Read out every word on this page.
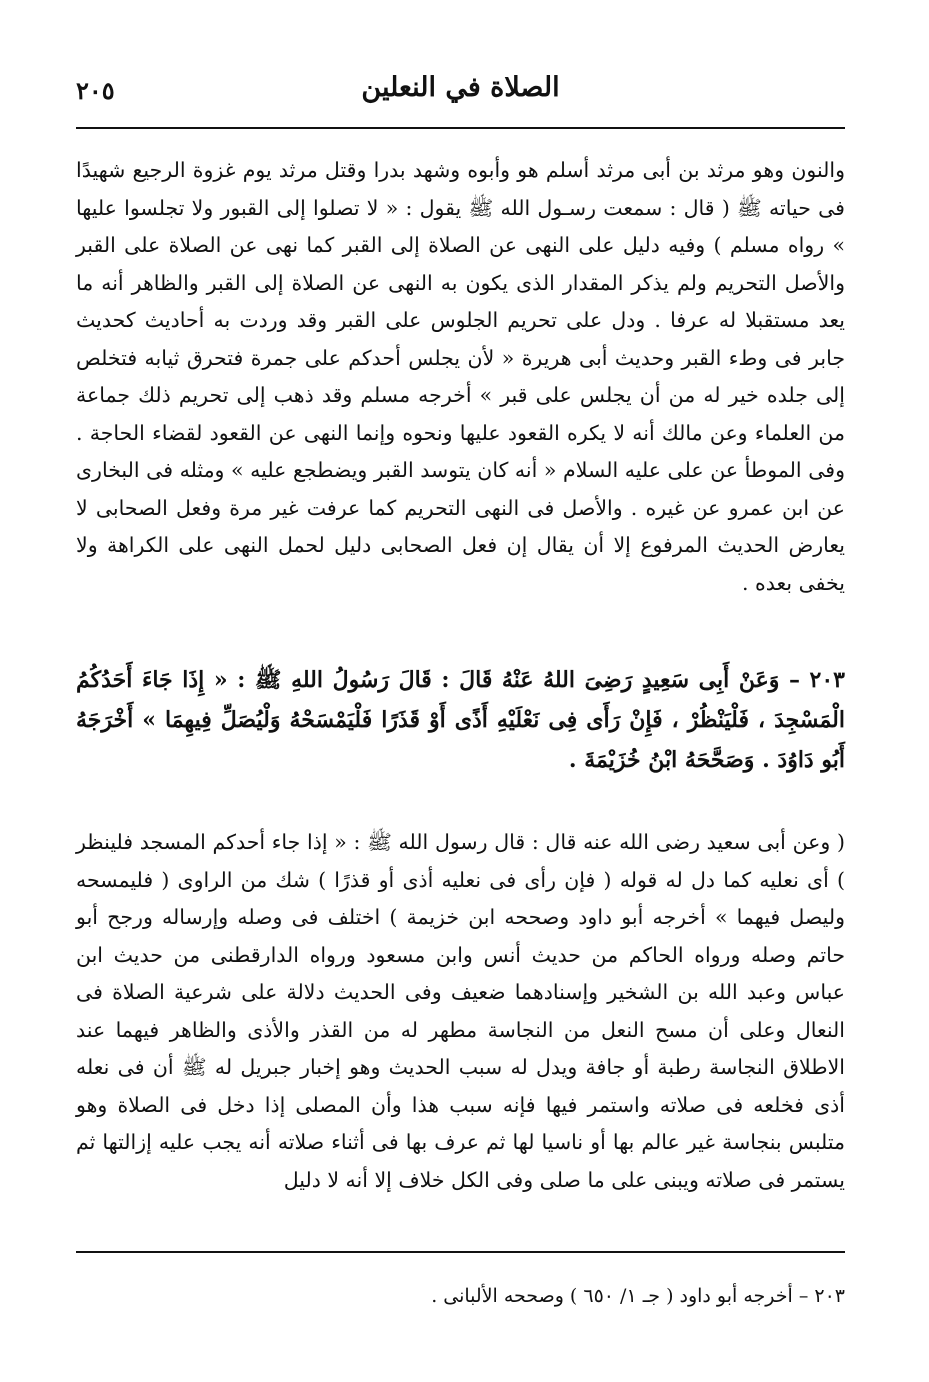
الصلاة في النعلين
٢٠٥

والنون وهو مرثد بن أبى مرثد أسلم هو وأبوه وشهد بدرا وقتل مرثد يوم غزوة الرجيع شهيدًا فى حياته ﷺ ( قال : سمعت رسـول الله ﷺ يقول : « لا تصلوا إلى القبور ولا تجلسوا عليها » رواه مسلم ) وفيه دليل على النهى عن الصلاة إلى القبر كما نهى عن الصلاة على القبر والأصل التحريم ولم يذكر المقدار الذى يكون به النهى عن الصلاة إلى القبر والظاهر أنه ما يعد مستقبلا له عرفا . ودل على تحريم الجلوس على القبر وقد وردت به أحاديث كحديث جابر فى وطء القبر وحديث أبى هريرة « لأن يجلس أحدكم على جمرة فتحرق ثيابه فتخلص إلى جلده خير له من أن يجلس على قبر » أخرجه مسلم وقد ذهب إلى تحريم ذلك جماعة من العلماء وعن مالك أنه لا يكره القعود عليها ونحوه وإنما النهى عن القعود لقضاء الحاجة . وفى الموطأ عن على عليه السلام « أنه كان يتوسد القبر ويضطجع عليه » ومثله فى البخارى عن ابن عمرو عن غيره . والأصل فى النهى التحريم كما عرفت غير مرة وفعل الصحابى لا يعارض الحديث المرفوع إلا أن يقال إن فعل الصحابى دليل لحمل النهى على الكراهة ولا يخفى بعده .

٢٠٣ – وَعَنْ أَبِى سَعِيدٍ رَضِىَ اللهُ عَنْهُ قَالَ : قَالَ رَسُولُ اللهِ ﷺ : « إِذَا جَاءَ أَحَدُكُمُ الْمَسْجِدَ ، فَلْيَنْظُرْ ، فَإِنْ رَأَى فِى نَعْلَيْهِ أَذًى أَوْ قَذَرًا فَلْيَمْسَحْهُ وَلْيُصَلِّ فِيهِمَا » أَخْرَجَهُ أَبُو دَاوُدَ . وَصَحَّحَهُ ابْنُ خُزَيْمَةَ .

( وعن أبى سعيد رضى الله عنه قال : قال رسول الله ﷺ : « إذا جاء أحدكم المسجد فلينظر ) أى نعليه كما دل له قوله ( فإن رأى فى نعليه أذى أو قذرًا ) شك من الراوى ( فليمسحه وليصل فيهما » أخرجه أبو داود وصححه ابن خزيمة ) اختلف فى وصله وإرساله ورجح أبو حاتم وصله ورواه الحاكم من حديث أنس وابن مسعود ورواه الدارقطنى من حديث ابن عباس وعبد الله بن الشخير وإسنادهما ضعيف وفى الحديث دلالة على شرعية الصلاة فى النعال وعلى أن مسح النعل من النجاسة مطهر له من القذر والأذى والظاهر فيهما عند الاطلاق النجاسة رطبة أو جافة ويدل له سبب الحديث وهو إخبار جبريل له ﷺ أن فى نعله أذى فخلعه فى صلاته واستمر فيها فإنه سبب هذا وأن المصلى إذا دخل فى الصلاة وهو متلبس بنجاسة غير عالم بها أو ناسيا لها ثم عرف بها فى أثناء صلاته أنه يجب عليه إزالتها ثم يستمر فى صلاته ويبنى على ما صلى وفى الكل خلاف إلا أنه لا دليل

٢٠٣ – أخرجه أبو داود ( جـ ١/ ٦٥٠ ) وصححه الألبانى .
